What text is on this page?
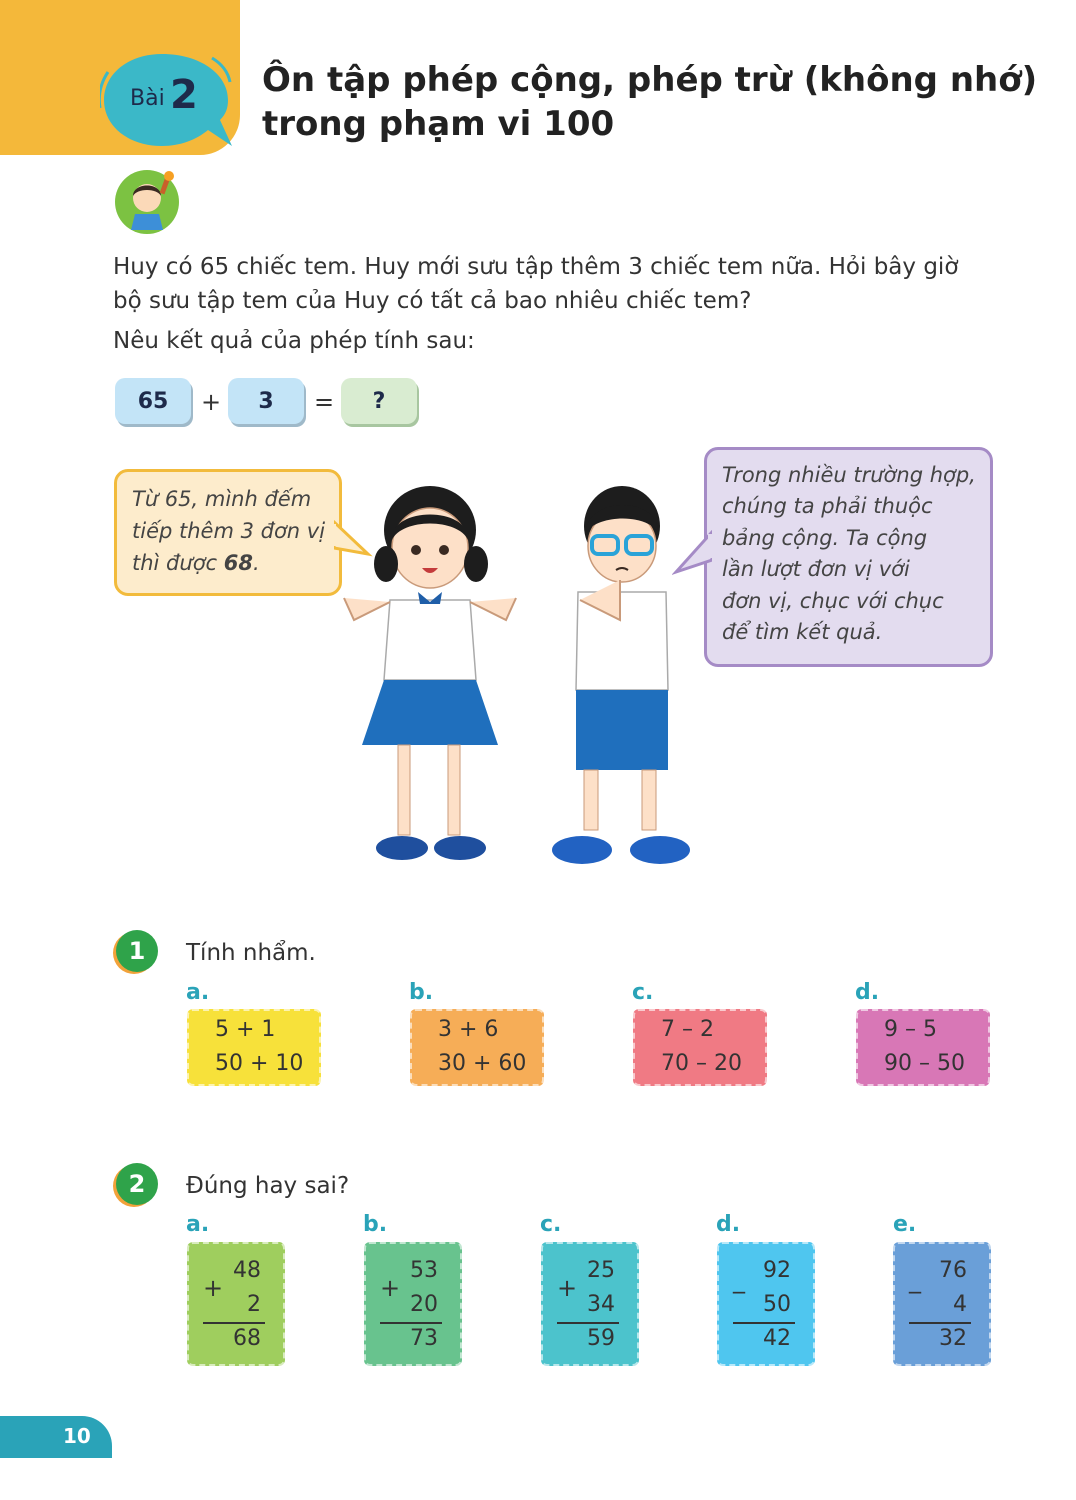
Bài 2 Ôn tập phép cộng, phép trừ (không nhớ)
trong phạm vi 100
Huy có 65 chiếc tem. Huy mới sưu tập thêm 3 chiếc tem nữa. Hỏi bây giờ
bộ sưu tập tem của Huy có tất cả bao nhiêu chiếc tem?
Nêu kết quả của phép tính sau:
65	+	3	=	?
Từ 65, mình đếm
tiếp thêm 3 đơn vị
thì được 68.
Trong nhiều trường hợp,
chúng ta phải thuộc
bảng cộng. Ta cộng
lần lượt đơn vị với
đơn vị, chục với chục
để tìm kết quả.
1	Tính nhẩm.
a.
5 + 1
50 + 10
b.
3 + 6
30 + 60
c.
7 – 2
70 – 20
d.
9 – 5
90 – 50
2	Đúng hay sai?
a.
+
48
2
68
b.
+
53
20
73
c.
+
25
34
59
d.
_ 92
50
42
e.
_ 76
4
32
10
